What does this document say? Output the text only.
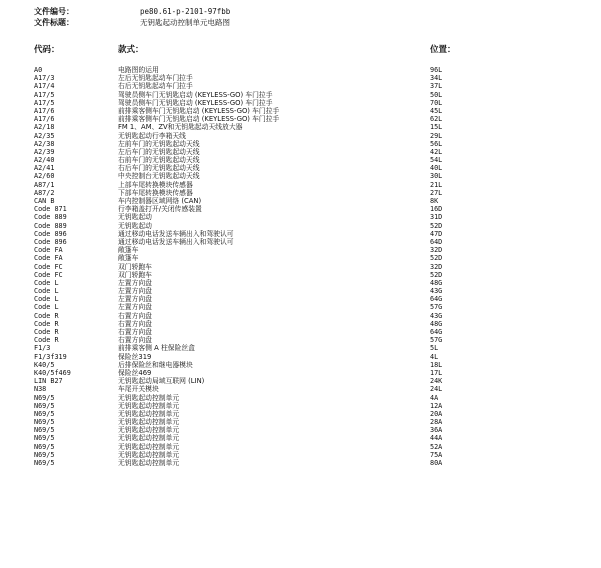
文件编号：	pe80.61-p-2101-97fbb
文件标题：	无钥匙起动控制单元电路图
代码：	款式：	位置：
A0	电路图的运用	96L
A17/3	左后无钥匙起动车门拉手	34L
A17/4	右后无钥匙起动车门拉手	37L
A17/5	驾驶员侧车门无钥匙启动 (KEYLESS-GO) 车门拉手	50L
A17/5	驾驶员侧车门无钥匙启动 (KEYLESS-GO) 车门拉手	70L
A17/6	前排乘客侧车门无钥匙启动 (KEYLESS-GO) 车门拉手	45L
A17/6	前排乘客侧车门无钥匙启动 (KEYLESS-GO) 车门拉手	62L
A2/18	FM 1、AM、ZV和无钥匙起动天线放大器	15L
A2/35	无钥匙起动行李箱天线	29L
A2/38	左前车门的无钥匙起动天线	56L
A2/39	左后车门的无钥匙起动天线	42L
A2/40	右前车门的无钥匙起动天线	54L
A2/41	右后车门的无钥匙起动天线	40L
A2/60	中央控制台无钥匙起动天线	30L
A87/1	上部车尾转换模块传感器	21L
A87/2	下部车尾转换模块传感器	27L
CAN B	车内控制器区域网络 (CAN)	8K
Code 871	行李箱盖打开/关闭传感装置	16D
Code 889	无钥匙起动	31D
Code 889	无钥匙起动	52D
Code 896	通过移动电话发送车辆出入和驾驶认可	47D
Code 896	通过移动电话发送车辆出入和驾驶认可	64D
Code FA	敞篷车	32D
Code FA	敞篷车	52D
Code FC	双门轿跑车	32D
Code FC	双门轿跑车	52D
Code L	左置方向盘	48G
Code L	左置方向盘	43G
Code L	左置方向盘	64G
Code L	左置方向盘	57G
Code R	右置方向盘	43G
Code R	右置方向盘	48G
Code R	右置方向盘	64G
Code R	右置方向盘	57G
F1/3	前排乘客侧 A 柱保险丝盒	5L
F1/3f319	保险丝319	4L
K40/5	后排保险丝和继电器模块	18L
K40/5f469	保险丝469	17L
LIN B27	无钥匙起动局域互联网 (LIN)	24K
N38	车尾开关模块	24L
N69/5	无钥匙起动控制单元	4A
N69/5	无钥匙起动控制单元	12A
N69/5	无钥匙起动控制单元	20A
N69/5	无钥匙起动控制单元	28A
N69/5	无钥匙起动控制单元	36A
N69/5	无钥匙起动控制单元	44A
N69/5	无钥匙起动控制单元	52A
N69/5	无钥匙起动控制单元	75A
N69/5	无钥匙起动控制单元	80A
